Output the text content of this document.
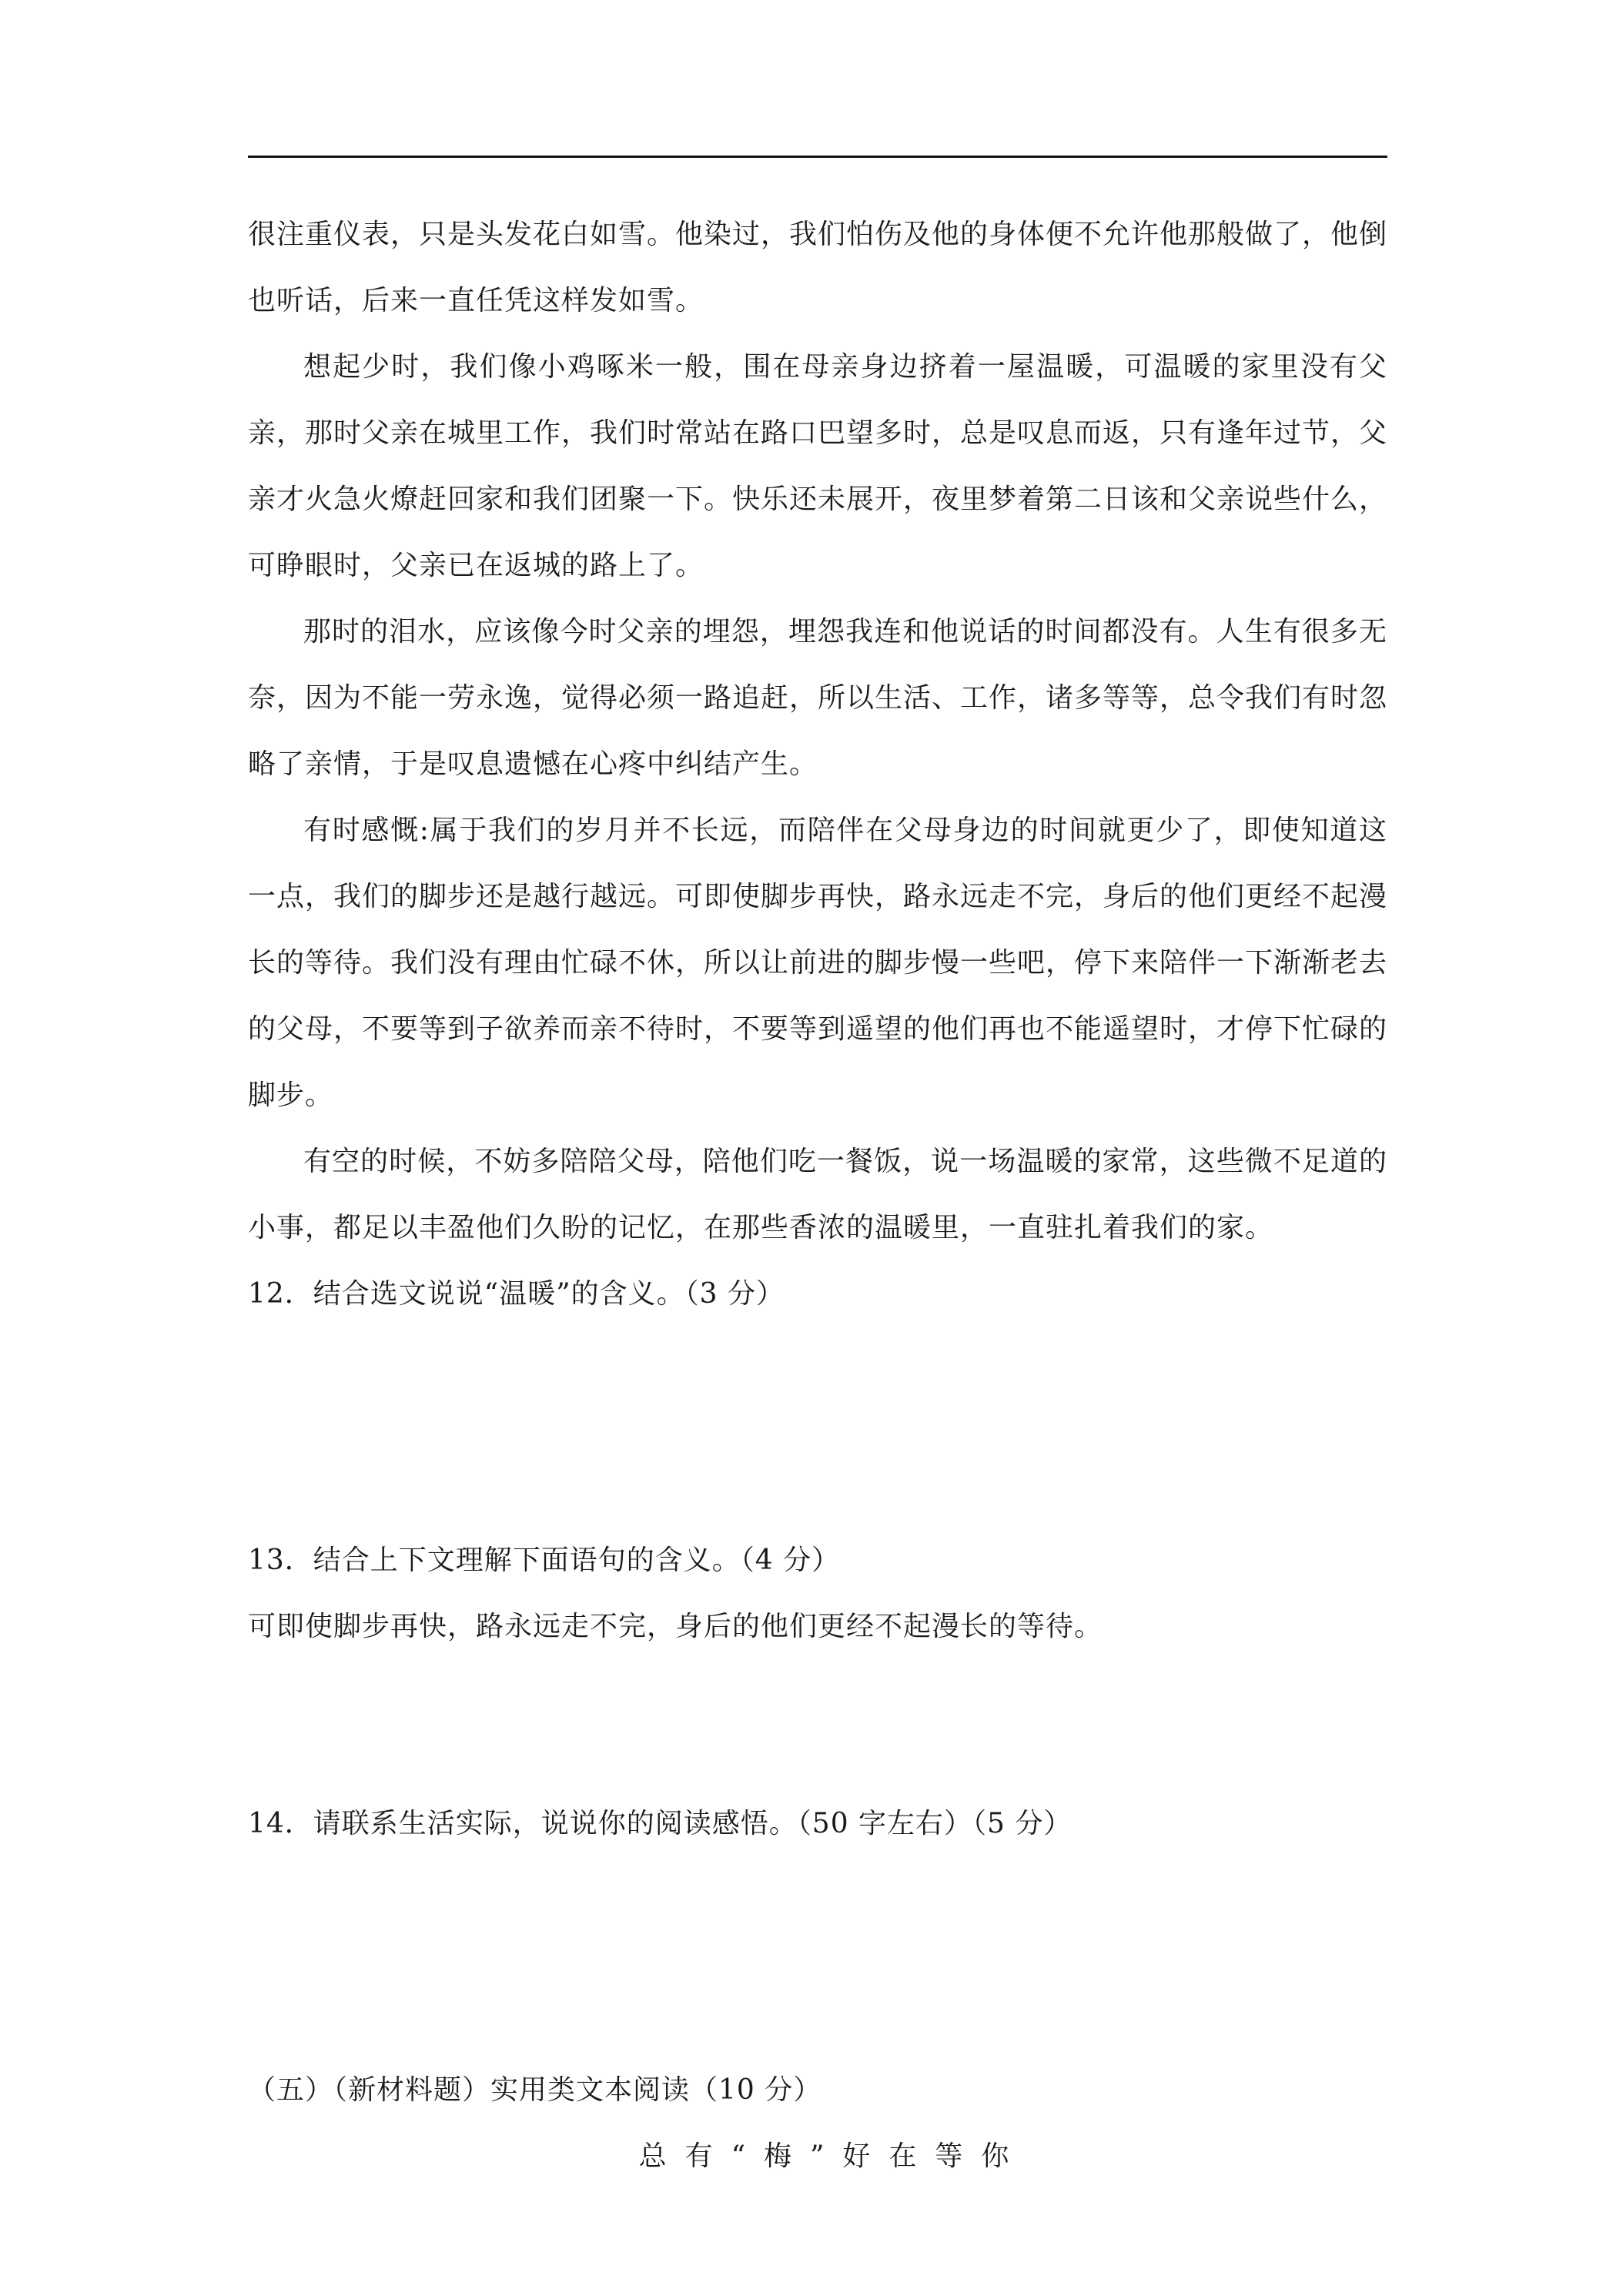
很注重仪表，只是头发花白如雪。他染过，我们怕伤及他的身体便不允许他那般做了，他倒也听话，后来一直任凭这样发如雪。

想起少时，我们像小鸡啄米一般，围在母亲身边挤着一屋温暖，可温暖的家里没有父亲，那时父亲在城里工作，我们时常站在路口巴望多时，总是叹息而返，只有逢年过节，父亲才火急火燎赶回家和我们团聚一下。快乐还未展开，夜里梦着第二日该和父亲说些什么，可睁眼时，父亲已在返城的路上了。

那时的泪水，应该像今时父亲的埋怨，埋怨我连和他说话的时间都没有。人生有很多无奈，因为不能一劳永逸，觉得必须一路追赶，所以生活、工作，诸多等等，总令我们有时忽略了亲情，于是叹息遗憾在心疼中纠结产生。

有时感慨:属于我们的岁月并不长远，而陪伴在父母身边的时间就更少了，即使知道这一点，我们的脚步还是越行越远。可即使脚步再快，路永远走不完，身后的他们更经不起漫长的等待。我们没有理由忙碌不休，所以让前进的脚步慢一些吧，停下来陪伴一下渐渐老去的父母，不要等到子欲养而亲不待时，不要等到遥望的他们再也不能遥望时，才停下忙碌的脚步。

有空的时候，不妨多陪陪父母，陪他们吃一餐饭，说一场温暖的家常，这些微不足道的小事，都足以丰盈他们久盼的记忆，在那些香浓的温暖里，一直驻扎着我们的家。

12．结合选文说说“温暖”的含义。（3 分）

13．结合上下文理解下面语句的含义。（4 分）

可即使脚步再快，路永远走不完，身后的他们更经不起漫长的等待。

14．请联系生活实际，说说你的阅读感悟。（50 字左右）（5 分）

（五）（新材料题）实用类文本阅读（10 分）

总有“梅”好在等你
